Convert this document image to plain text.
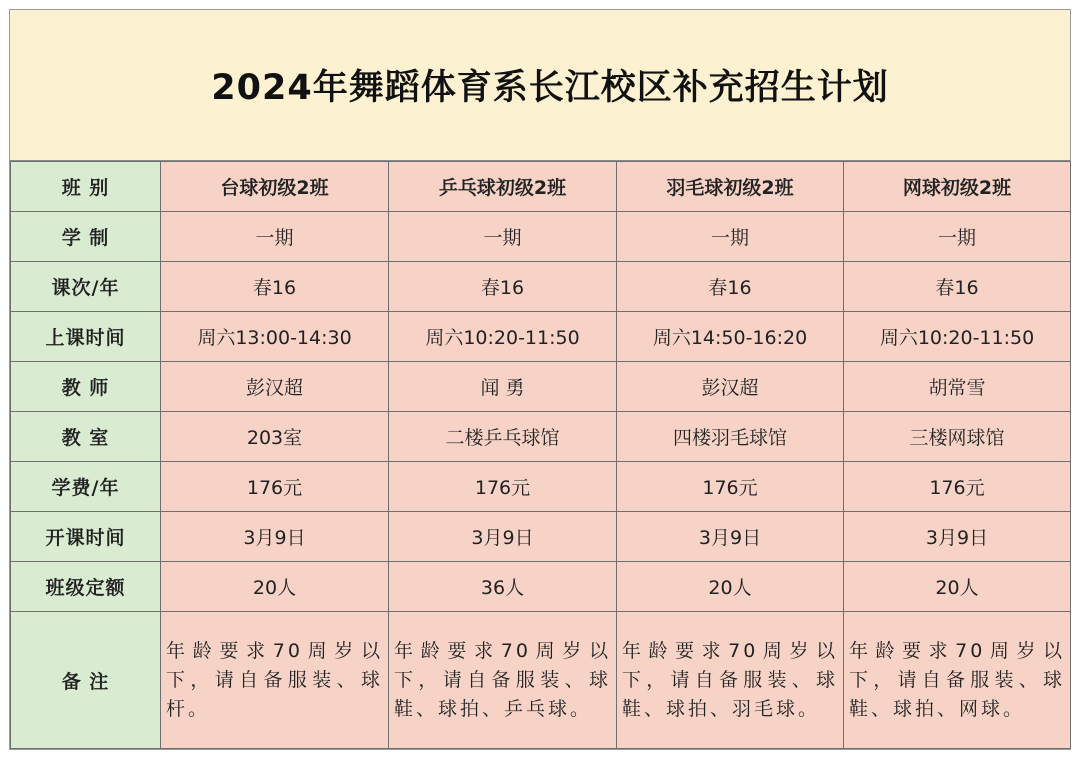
2024年舞蹈体育系长江校区补充招生计划
班 别	台球初级2班	乒乓球初级2班	羽毛球初级2班	网球初级2班
学 制	一期	一期	一期	一期
课次/年	春16	春16	春16	春16
上课时间	周六13:00-14:30	周六10:20-11:50	周六14:50-16:20	周六10:20-11:50
教 师	彭汉超	闻 勇	彭汉超	胡常雪
教 室	203室	二楼乒乓球馆	四楼羽毛球馆	三楼网球馆
学费/年	176元	176元	176元	176元
开课时间	3月9日	3月9日	3月9日	3月9日
班级定额	20人	36人	20人	20人
备 注	年龄要求70周岁以下，请自备服装、球杆。	年龄要求70周岁以下，请自备服装、球鞋、球拍、乒乓球。	年龄要求70周岁以下，请自备服装、球鞋、球拍、羽毛球。	年龄要求70周岁以下，请自备服装、球鞋、球拍、网球。
